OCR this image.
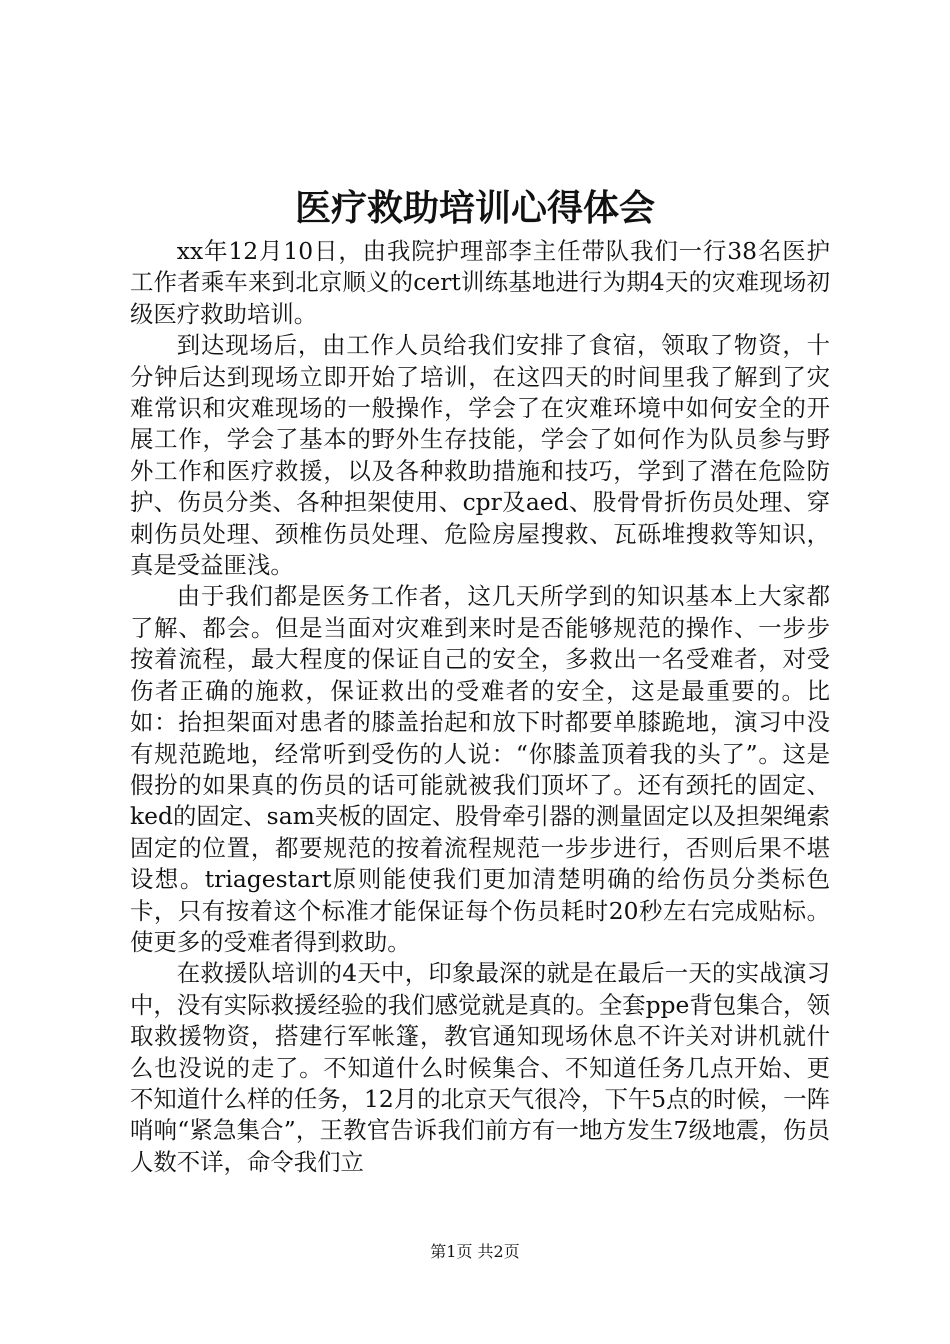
医疗救助培训心得体会

xx年12月10日，由我院护理部李主任带队我们一行38名医护工作者乘车来到北京顺义的cert训练基地进行为期4天的灾难现场初级医疗救助培训。

到达现场后，由工作人员给我们安排了食宿，领取了物资，十分钟后达到现场立即开始了培训，在这四天的时间里我了解到了灾难常识和灾难现场的一般操作，学会了在灾难环境中如何安全的开展工作，学会了基本的野外生存技能，学会了如何作为队员参与野外工作和医疗救援，以及各种救助措施和技巧，学到了潜在危险防护、伤员分类、各种担架使用、cpr及aed、股骨骨折伤员处理、穿刺伤员处理、颈椎伤员处理、危险房屋搜救、瓦砾堆搜救等知识，真是受益匪浅。

由于我们都是医务工作者，这几天所学到的知识基本上大家都了解、都会。但是当面对灾难到来时是否能够规范的操作、一步步按着流程，最大程度的保证自己的安全，多救出一名受难者，对受伤者正确的施救，保证救出的受难者的安全，这是最重要的。比如：抬担架面对患者的膝盖抬起和放下时都要单膝跪地，演习中没有规范跪地，经常听到受伤的人说：“你膝盖顶着我的头了”。这是假扮的如果真的伤员的话可能就被我们顶坏了。还有颈托的固定、ked的固定、sam夹板的固定、股骨牵引器的测量固定以及担架绳索固定的位置，都要规范的按着流程规范一步步进行，否则后果不堪设想。triagestart原则能使我们更加清楚明确的给伤员分类标色卡，只有按着这个标准才能保证每个伤员耗时20秒左右完成贴标。使更多的受难者得到救助。

在救援队培训的4天中，印象最深的就是在最后一天的实战演习中，没有实际救援经验的我们感觉就是真的。全套ppe背包集合，领取救援物资，搭建行军帐篷，教官通知现场休息不许关对讲机就什么也没说的走了。不知道什么时候集合、不知道任务几点开始、更不知道什么样的任务，12月的北京天气很冷，下午5点的时候，一阵哨响“紧急集合”，王教官告诉我们前方有一地方发生7级地震，伤员人数不详，命令我们立

第1页 共2页
